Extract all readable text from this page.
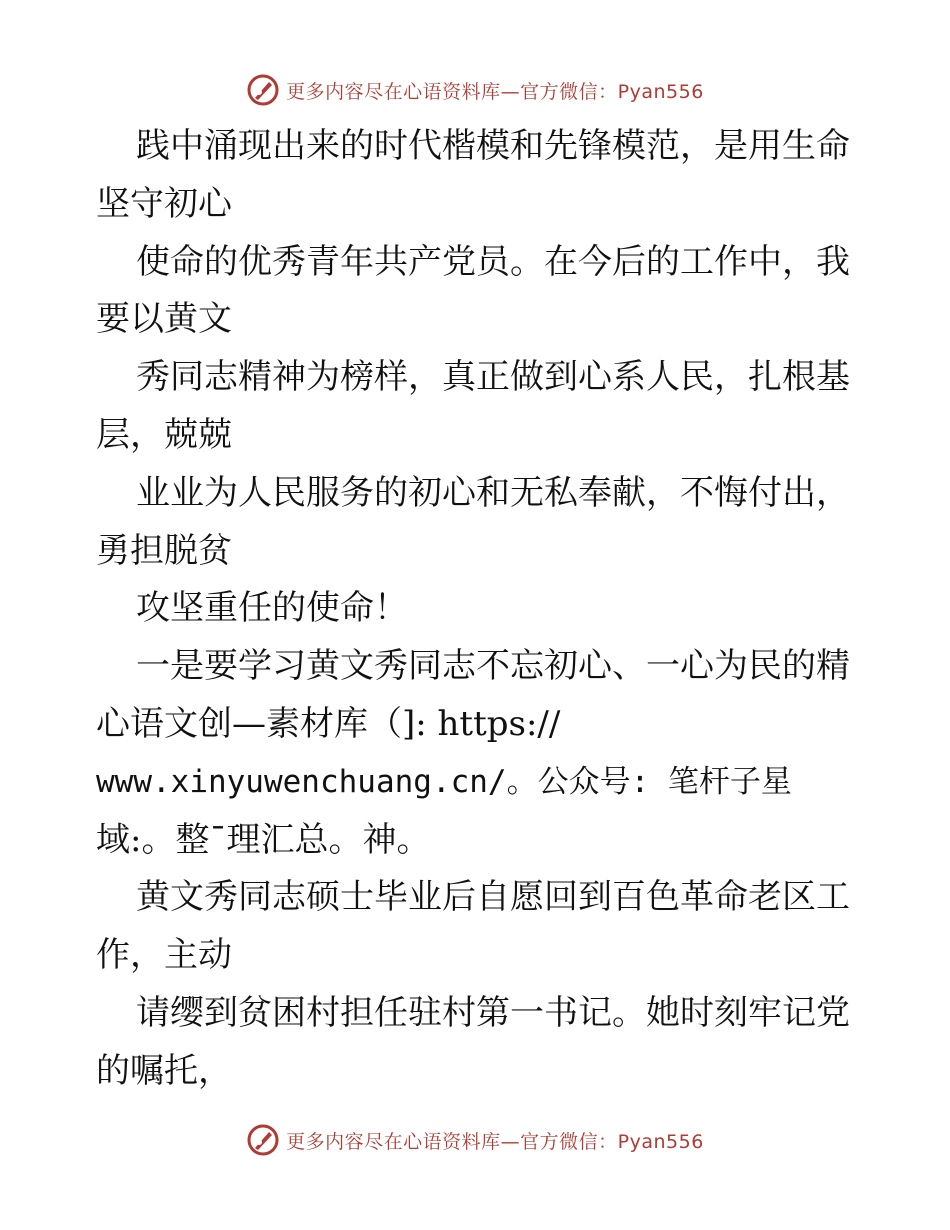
更多内容尽在心语资料库—官方微信：Pyan556
践中涌现出来的时代楷模和先锋模范，是用生命
坚守初心
使命的优秀青年共产党员。在今后的工作中，我
要以黄文
秀同志精神为榜样，真正做到心系人民，扎根基
层，兢兢
业业为人民服务的初心和无私奉献，不悔付出，
勇担脱贫
攻坚重任的使命！
一是要学习黄文秀同志不忘初心、一心为民的精
心语文创—素材库（]: https://
www.xinyuwenchuang.cn/。公众号: 笔杆子星
域:。整¯理汇总。神。
黄文秀同志硕士毕业后自愿回到百色革命老区工
作，主动
请缨到贫困村担任驻村第一书记。她时刻牢记党
的嘱托，
更多内容尽在心语资料库—官方微信：Pyan556
